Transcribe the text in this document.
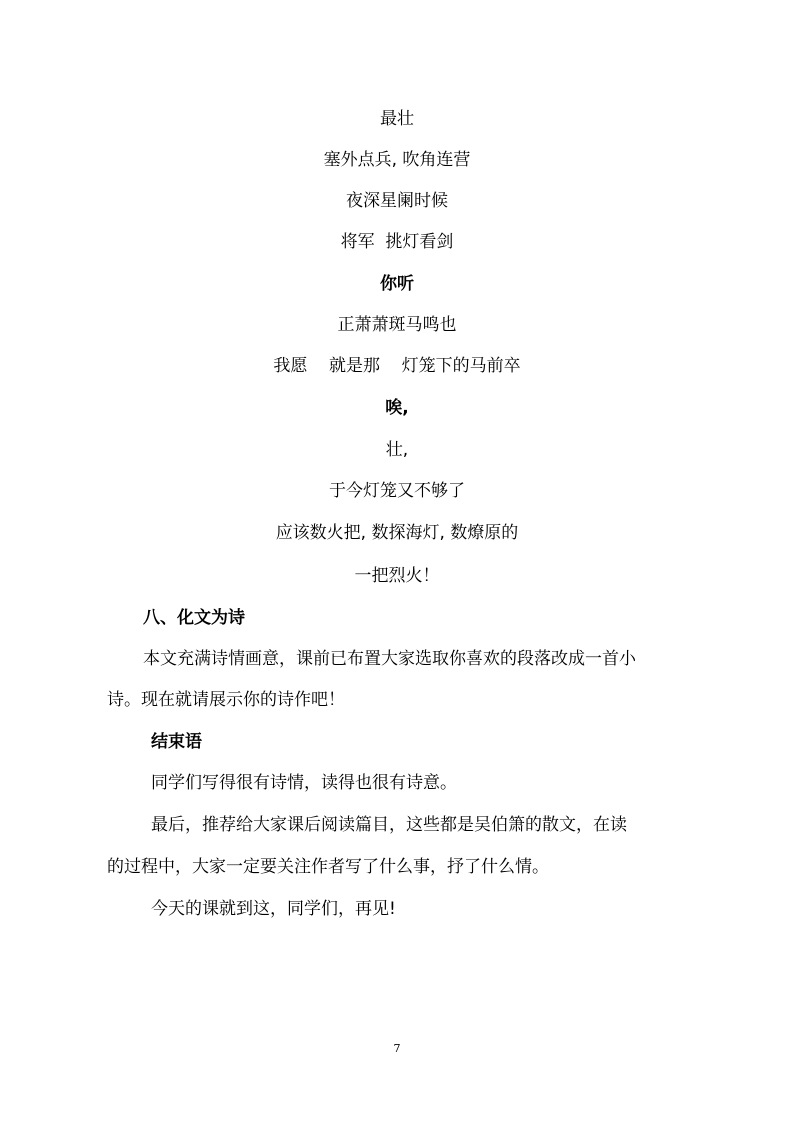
最壮
塞外点兵, 吹角连营
夜深星阑时候
将军  挑灯看剑
你听
正萧萧斑马鸣也
我愿    就是那    灯笼下的马前卒
唉,
壮,
于今灯笼又不够了
应该数火把, 数探海灯, 数燎原的
一把烈火！
八、化文为诗
本文充满诗情画意，课前已布置大家选取你喜欢的段落改成一首小
诗。现在就请展示你的诗作吧！
结束语
同学们写得很有诗情，读得也很有诗意。
最后，推荐给大家课后阅读篇目，这些都是吴伯箫的散文，在读
的过程中，大家一定要关注作者写了什么事，抒了什么情。
今天的课就到这，同学们，再见!
7
